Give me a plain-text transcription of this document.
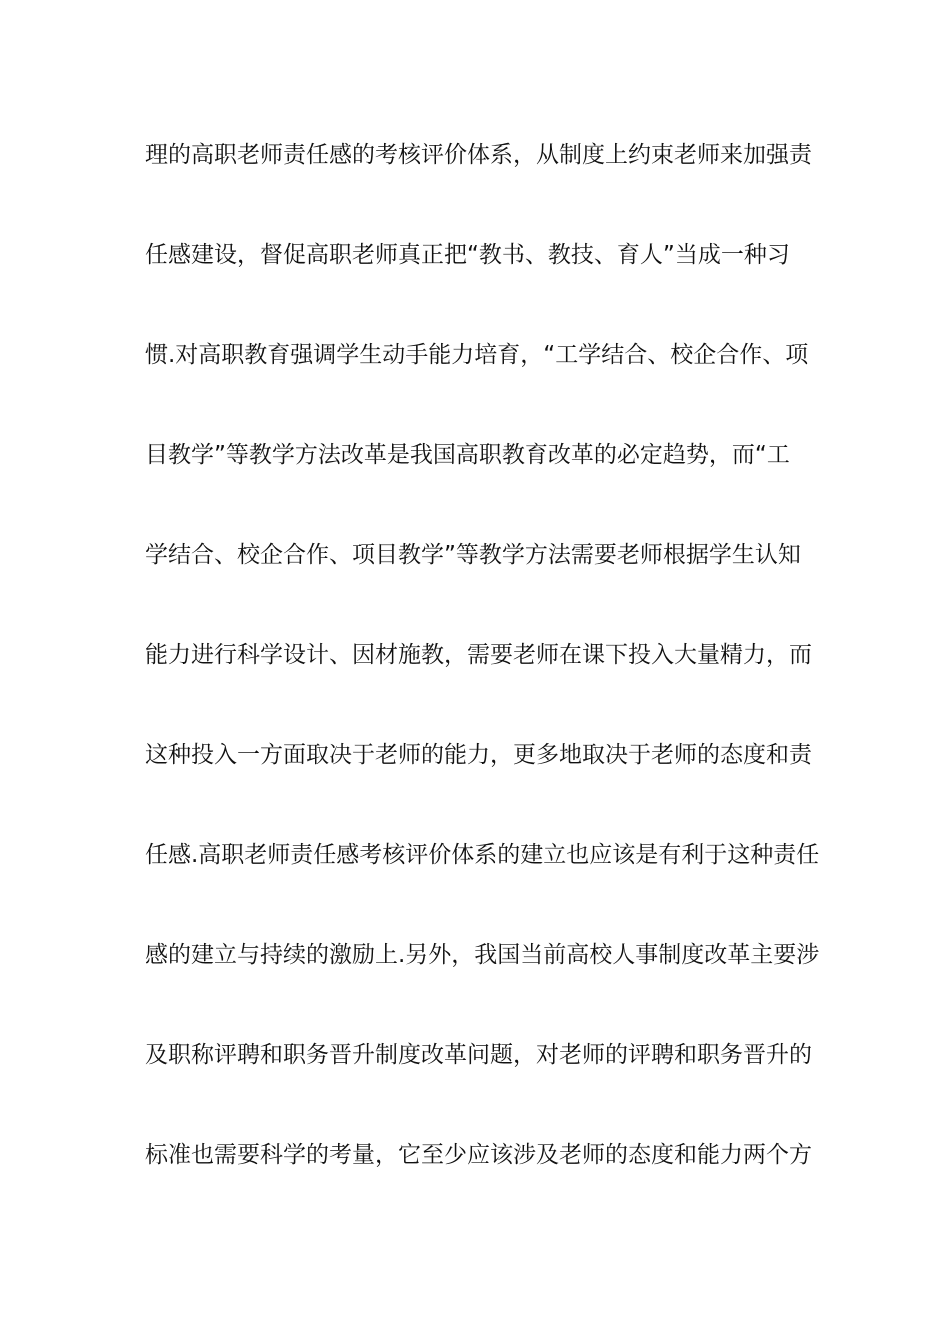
理的高职老师责任感的考核评价体系，从制度上约束老师来加强责
任感建设，督促高职老师真正把“教书、教技、育人”当成一种习
惯.对高职教育强调学生动手能力培育，“工学结合、校企合作、项
目教学”等教学方法改革是我国高职教育改革的必定趋势，而“工
学结合、校企合作、项目教学”等教学方法需要老师根据学生认知
能力进行科学设计、因材施教，需要老师在课下投入大量精力，而
这种投入一方面取决于老师的能力，更多地取决于老师的态度和责
任感.高职老师责任感考核评价体系的建立也应该是有利于这种责任
感的建立与持续的激励上.另外，我国当前高校人事制度改革主要涉
及职称评聘和职务晋升制度改革问题，对老师的评聘和职务晋升的
标准也需要科学的考量，它至少应该涉及老师的态度和能力两个方
